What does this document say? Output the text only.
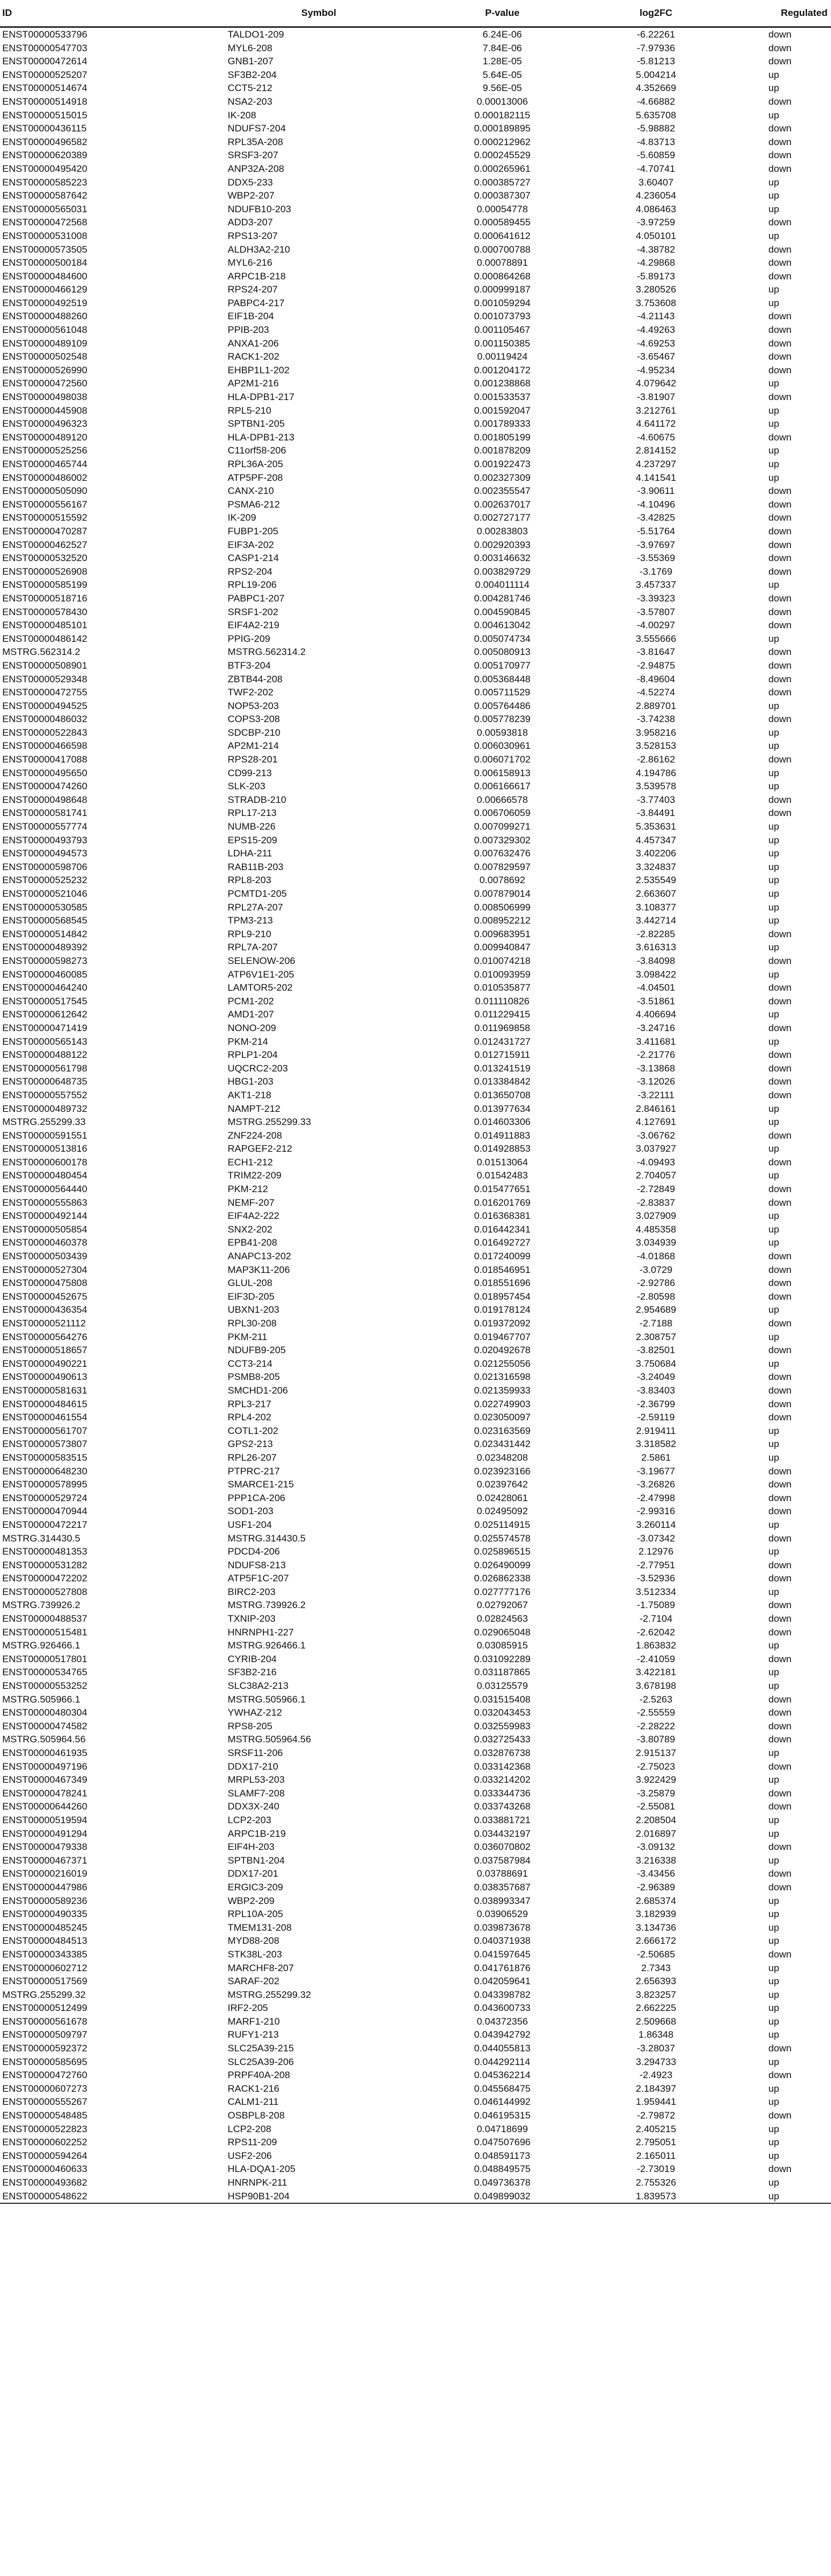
ID	Symbol	P-value	log2FC	Regulated
ENST00000533796	TALDO1-209	6.24E-06	-6.22261	down
ENST00000547703	MYL6-208	7.84E-06	-7.97936	down
ENST00000472614	GNB1-207	1.28E-05	-5.81213	down
ENST00000525207	SF3B2-204	5.64E-05	5.004214	up
ENST00000514674	CCT5-212	9.56E-05	4.352669	up
ENST00000514918	NSA2-203	0.00013006	-4.66882	down
ENST00000515015	IK-208	0.000182115	5.635708	up
ENST00000436115	NDUFS7-204	0.000189895	-5.98882	down
ENST00000496582	RPL35A-208	0.000212962	-4.83713	down
ENST00000620389	SRSF3-207	0.000245529	-5.60859	down
ENST00000495420	ANP32A-208	0.000265961	-4.70741	down
ENST00000585223	DDX5-233	0.000385727	3.60407	up
ENST00000587642	WBP2-207	0.000387307	4.236054	up
ENST00000565031	NDUFB10-203	0.00054778	4.086463	up
ENST00000472568	ADD3-207	0.000589455	-3.97259	down
ENST00000531008	RPS13-207	0.000641612	4.050101	up
ENST00000573505	ALDH3A2-210	0.000700788	-4.38782	down
ENST00000500184	MYL6-216	0.00078891	-4.29868	down
ENST00000484600	ARPC1B-218	0.000864268	-5.89173	down
ENST00000466129	RPS24-207	0.000999187	3.280526	up
ENST00000492519	PABPC4-217	0.001059294	3.753608	up
ENST00000488260	EIF1B-204	0.001073793	-4.21143	down
ENST00000561048	PPIB-203	0.001105467	-4.49263	down
ENST00000489109	ANXA1-206	0.001150385	-4.69253	down
ENST00000502548	RACK1-202	0.00119424	-3.65467	down
ENST00000526990	EHBP1L1-202	0.001204172	-4.95234	down
ENST00000472560	AP2M1-216	0.001238868	4.079642	up
ENST00000498038	HLA-DPB1-217	0.001533537	-3.81907	down
ENST00000445908	RPL5-210	0.001592047	3.212761	up
ENST00000496323	SPTBN1-205	0.001789333	4.641172	up
ENST00000489120	HLA-DPB1-213	0.001805199	-4.60675	down
ENST00000525256	C11orf58-206	0.001878209	2.814152	up
ENST00000465744	RPL36A-205	0.001922473	4.237297	up
ENST00000486002	ATP5PF-208	0.002327309	4.141541	up
ENST00000505090	CANX-210	0.002355547	-3.90611	down
ENST00000556167	PSMA6-212	0.002637017	-4.10496	down
ENST00000515592	IK-209	0.002727177	-3.42825	down
ENST00000470287	FUBP1-205	0.00283803	-5.51764	down
ENST00000462527	EIF3A-202	0.002920393	-3.97697	down
ENST00000532520	CASP1-214	0.003146632	-3.55369	down
ENST00000526908	RPS2-204	0.003829729	-3.1769	down
ENST00000585199	RPL19-206	0.004011114	3.457337	up
ENST00000518716	PABPC1-207	0.004281746	-3.39323	down
ENST00000578430	SRSF1-202	0.004590845	-3.57807	down
ENST00000485101	EIF4A2-219	0.004613042	-4.00297	down
ENST00000486142	PPIG-209	0.005074734	3.555666	up
MSTRG.562314.2	MSTRG.562314.2	0.005080913	-3.81647	down
ENST00000508901	BTF3-204	0.005170977	-2.94875	down
ENST00000529348	ZBTB44-208	0.005368448	-8.49604	down
ENST00000472755	TWF2-202	0.005711529	-4.52274	down
ENST00000494525	NOP53-203	0.005764486	2.889701	up
ENST00000486032	COPS3-208	0.005778239	-3.74238	down
ENST00000522843	SDCBP-210	0.00593818	3.958216	up
ENST00000466598	AP2M1-214	0.006030961	3.528153	up
ENST00000417088	RPS28-201	0.006071702	-2.86162	down
ENST00000495650	CD99-213	0.006158913	4.194786	up
ENST00000474260	SLK-203	0.006166617	3.539578	up
ENST00000498648	STRADB-210	0.00666578	-3.77403	down
ENST00000581741	RPL17-213	0.006706059	-3.84491	down
ENST00000557774	NUMB-226	0.007099271	5.353631	up
ENST00000493793	EPS15-209	0.007329302	4.457347	up
ENST00000494573	LDHA-211	0.007632476	3.402206	up
ENST00000598706	RAB11B-203	0.007829597	3.324837	up
ENST00000525232	RPL8-203	0.0078692	2.535549	up
ENST00000521046	PCMTD1-205	0.007879014	2.663607	up
ENST00000530585	RPL27A-207	0.008506999	3.108377	up
ENST00000568545	TPM3-213	0.008952212	3.442714	up
ENST00000514842	RPL9-210	0.009683951	-2.82285	down
ENST00000489392	RPL7A-207	0.009940847	3.616313	up
ENST00000598273	SELENOW-206	0.010074218	-3.84098	down
ENST00000460085	ATP6V1E1-205	0.010093959	3.098422	up
ENST00000464240	LAMTOR5-202	0.010535877	-4.04501	down
ENST00000517545	PCM1-202	0.011110826	-3.51861	down
ENST00000612642	AMD1-207	0.011229415	4.406694	up
ENST00000471419	NONO-209	0.011969858	-3.24716	down
ENST00000565143	PKM-214	0.012431727	3.411681	up
ENST00000488122	RPLP1-204	0.012715911	-2.21776	down
ENST00000561798	UQCRC2-203	0.013241519	-3.13868	down
ENST00000648735	HBG1-203	0.013384842	-3.12026	down
ENST00000557552	AKT1-218	0.013650708	-3.22111	down
ENST00000489732	NAMPT-212	0.013977634	2.846161	up
MSTRG.255299.33	MSTRG.255299.33	0.014603306	4.127691	up
ENST00000591551	ZNF224-208	0.014911883	-3.06762	down
ENST00000513816	RAPGEF2-212	0.014928853	3.037927	up
ENST00000600178	ECH1-212	0.01513064	-4.09493	down
ENST00000480454	TRIM22-209	0.01542483	2.704057	up
ENST00000564440	PKM-212	0.015477651	-2.72849	down
ENST00000555863	NEMF-207	0.016201769	-2.83837	down
ENST00000492144	EIF4A2-222	0.016368381	3.027909	up
ENST00000505854	SNX2-202	0.016442341	4.485358	up
ENST00000460378	EPB41-208	0.016492727	3.034939	up
ENST00000503439	ANAPC13-202	0.017240099	-4.01868	down
ENST00000527304	MAP3K11-206	0.018546951	-3.0729	down
ENST00000475808	GLUL-208	0.018551696	-2.92786	down
ENST00000452675	EIF3D-205	0.018957454	-2.80598	down
ENST00000436354	UBXN1-203	0.019178124	2.954689	up
ENST00000521112	RPL30-208	0.019372092	-2.7188	down
ENST00000564276	PKM-211	0.019467707	2.308757	up
ENST00000518657	NDUFB9-205	0.020492678	-3.82501	down
ENST00000490221	CCT3-214	0.021255056	3.750684	up
ENST00000490613	PSMB8-205	0.021316598	-3.24049	down
ENST00000581631	SMCHD1-206	0.021359933	-3.83403	down
ENST00000484615	RPL3-217	0.022749903	-2.36799	down
ENST00000461554	RPL4-202	0.023050097	-2.59119	down
ENST00000561707	COTL1-202	0.023163569	2.919411	up
ENST00000573807	GPS2-213	0.023431442	3.318582	up
ENST00000583515	RPL26-207	0.02348208	2.5861	up
ENST00000648230	PTPRC-217	0.023923166	-3.19677	down
ENST00000578995	SMARCE1-215	0.02397642	-3.26826	down
ENST00000529724	PPP1CA-206	0.02428061	-2.47998	down
ENST00000470944	SOD1-203	0.02495092	-2.99316	down
ENST00000472217	USF1-204	0.025114915	3.260114	up
MSTRG.314430.5	MSTRG.314430.5	0.025574578	-3.07342	down
ENST00000481353	PDCD4-206	0.025896515	2.12976	up
ENST00000531282	NDUFS8-213	0.026490099	-2.77951	down
ENST00000472202	ATP5F1C-207	0.026862338	-3.52936	down
ENST00000527808	BIRC2-203	0.027777176	3.512334	up
MSTRG.739926.2	MSTRG.739926.2	0.02792067	-1.75089	down
ENST00000488537	TXNIP-203	0.02824563	-2.7104	down
ENST00000515481	HNRNPH1-227	0.029065048	-2.62042	down
MSTRG.926466.1	MSTRG.926466.1	0.03085915	1.863832	up
ENST00000517801	CYRIB-204	0.031092289	-2.41059	down
ENST00000534765	SF3B2-216	0.031187865	3.422181	up
ENST00000553252	SLC38A2-213	0.03125579	3.678198	up
MSTRG.505966.1	MSTRG.505966.1	0.031515408	-2.5263	down
ENST00000480304	YWHAZ-212	0.032043453	-2.55559	down
ENST00000474582	RPS8-205	0.032559983	-2.28222	down
MSTRG.505964.56	MSTRG.505964.56	0.032725433	-3.80789	down
ENST00000461935	SRSF11-206	0.032876738	2.915137	up
ENST00000497196	DDX17-210	0.033142368	-2.75023	down
ENST00000467349	MRPL53-203	0.033214202	3.922429	up
ENST00000478241	SLAMF7-208	0.033344736	-3.25879	down
ENST00000644260	DDX3X-240	0.033743268	-2.55081	down
ENST00000519594	LCP2-203	0.033881721	2.208504	up
ENST00000491294	ARPC1B-219	0.034432197	2.016897	up
ENST00000479338	EIF4H-203	0.036070802	-3.09132	down
ENST00000467371	SPTBN1-204	0.037587984	3.216338	up
ENST00000216019	DDX17-201	0.03788691	-3.43456	down
ENST00000447986	ERGIC3-209	0.038357687	-2.96389	down
ENST00000589236	WBP2-209	0.038993347	2.685374	up
ENST00000490335	RPL10A-205	0.03906529	3.182939	up
ENST00000485245	TMEM131-208	0.039873678	3.134736	up
ENST00000484513	MYD88-208	0.040371938	2.666172	up
ENST00000343385	STK38L-203	0.041597645	-2.50685	down
ENST00000602712	MARCHF8-207	0.041761876	2.7343	up
ENST00000517569	SARAF-202	0.042059641	2.656393	up
MSTRG.255299.32	MSTRG.255299.32	0.043398782	3.823257	up
ENST00000512499	IRF2-205	0.043600733	2.662225	up
ENST00000561678	MARF1-210	0.04372356	2.509668	up
ENST00000509797	RUFY1-213	0.043942792	1.86348	up
ENST00000592372	SLC25A39-215	0.044055813	-3.28037	down
ENST00000585695	SLC25A39-206	0.044292114	3.294733	up
ENST00000472760	PRPF40A-208	0.045362214	-2.4923	down
ENST00000607273	RACK1-216	0.045568475	2.184397	up
ENST00000555267	CALM1-211	0.046144992	1.959441	up
ENST00000548485	OSBPL8-208	0.046195315	-2.79872	down
ENST00000522823	LCP2-208	0.04718699	2.405215	up
ENST00000602252	RPS11-209	0.047507696	2.795051	up
ENST00000594264	USF2-206	0.048591173	2.165011	up
ENST00000460633	HLA-DQA1-205	0.048849575	-2.73019	down
ENST00000493682	HNRNPK-211	0.049736378	2.755326	up
ENST00000548622	HSP90B1-204	0.049899032	1.839573	up
